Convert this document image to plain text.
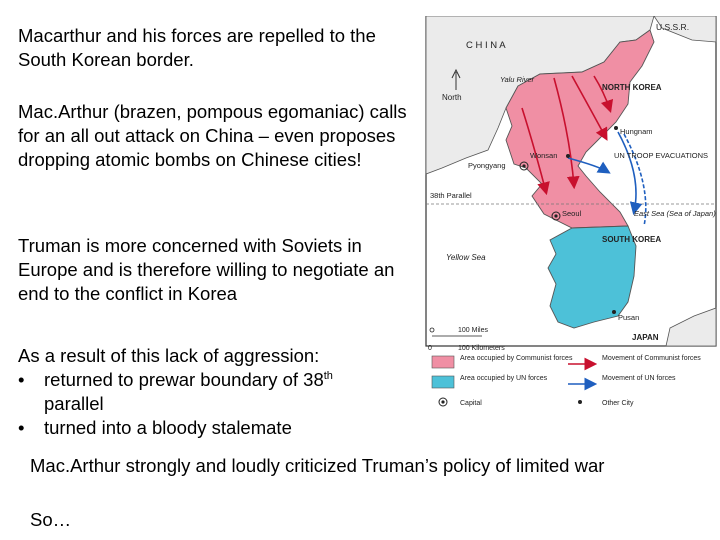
Macarthur and his forces are repelled to the South Korean border.

Mac.Arthur (brazen, pompous egomaniac) calls for an all out attack on China – even proposes dropping atomic bombs on Chinese cities!

Truman is more concerned with Soviets in Europe and is therefore willing to negotiate an end to the conflict in Korea

As a result of this lack of aggression:
• returned to prewar boundary of 38th
parallel
• turned into a bloody stalemate

Mac.Arthur strongly and loudly criticized Truman’s policy of limited war

So…

U.S.S.R.
C H I N A
North
Yalu River
NORTH KOREA
Hungnam
Wonsan
Pyongyang
UN TROOP EVACUATIONS
38th Parallel
Seoul	East Sea (Sea of Japan)
Yellow Sea
SOUTH KOREA
Pusan
JAPAN
100 Miles
0	100 Kilometers
Area occupied by Communist forces
Area occupied by UN forces
Capital
Movement of Communist forces
Movement of UN forces
Other City
